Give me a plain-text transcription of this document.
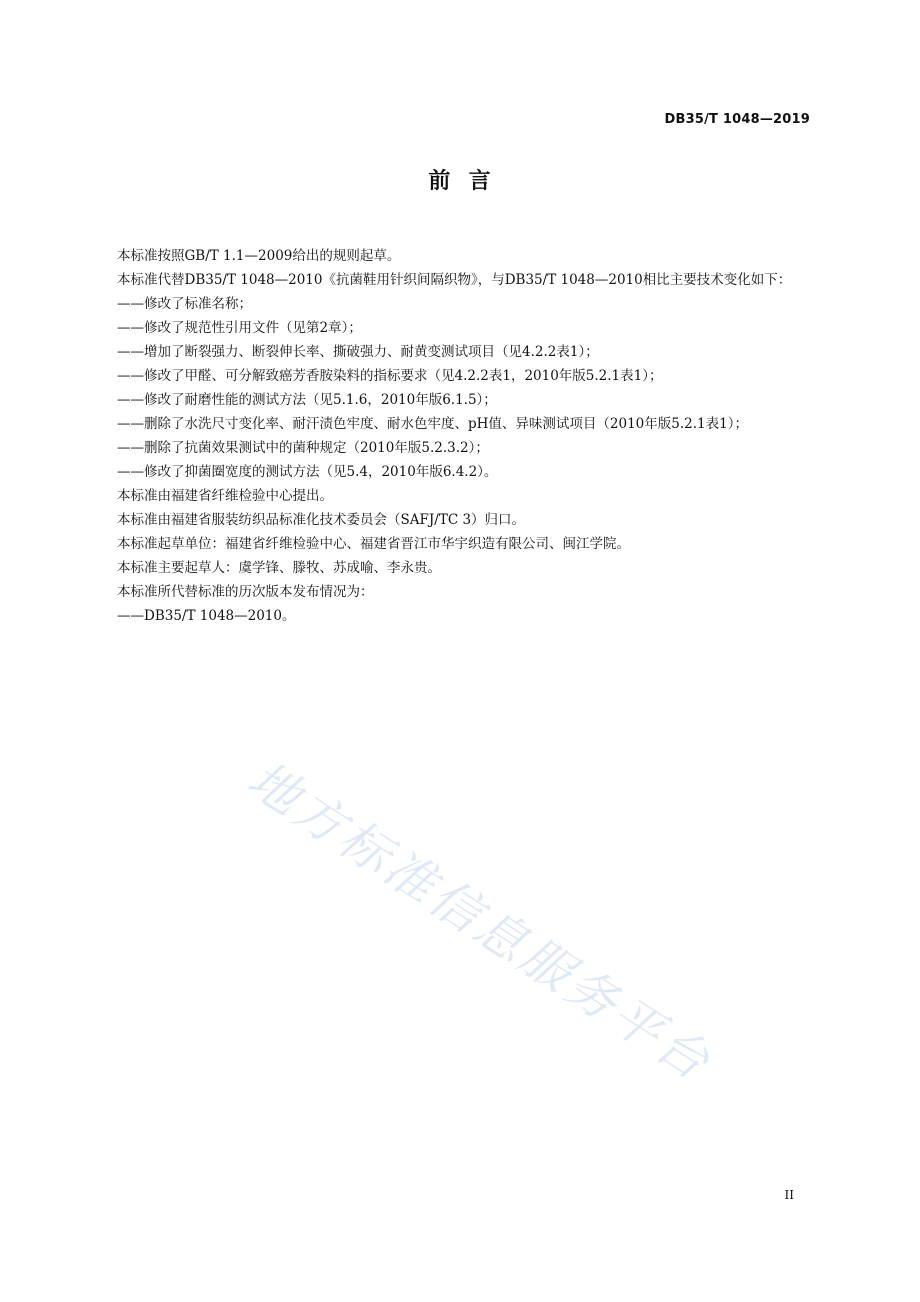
DB35/T 1048—2019
前  言

本标准按照GB/T 1.1—2009给出的规则起草。

本标准代替DB35/T 1048—2010《抗菌鞋用针织间隔织物》，与DB35/T 1048—2010相比主要技术变化如下：

——修改了标准名称；

——修改了规范性引用文件（见第2章）；

——增加了断裂强力、断裂伸长率、撕破强力、耐黄变测试项目（见4.2.2表1）；

——修改了甲醛、可分解致癌芳香胺染料的指标要求（见4.2.2表1，2010年版5.2.1表1）；

——修改了耐磨性能的测试方法（见5.1.6，2010年版6.1.5）；

——删除了水洗尺寸变化率、耐汗渍色牢度、耐水色牢度、pH值、异味测试项目（2010年版5.2.1表1）；

——删除了抗菌效果测试中的菌种规定（2010年版5.2.3.2）；

——修改了抑菌圈宽度的测试方法（见5.4，2010年版6.4.2）。

本标准由福建省纤维检验中心提出。

本标准由福建省服装纺织品标准化技术委员会（SAFJ/TC 3）归口。

本标准起草单位：福建省纤维检验中心、福建省晋江市华宇织造有限公司、闽江学院。

本标准主要起草人：虞学锋、滕牧、苏成喻、李永贵。

本标准所代替标准的历次版本发布情况为：

——DB35/T 1048—2010。

地方标准信息服务平台
II
